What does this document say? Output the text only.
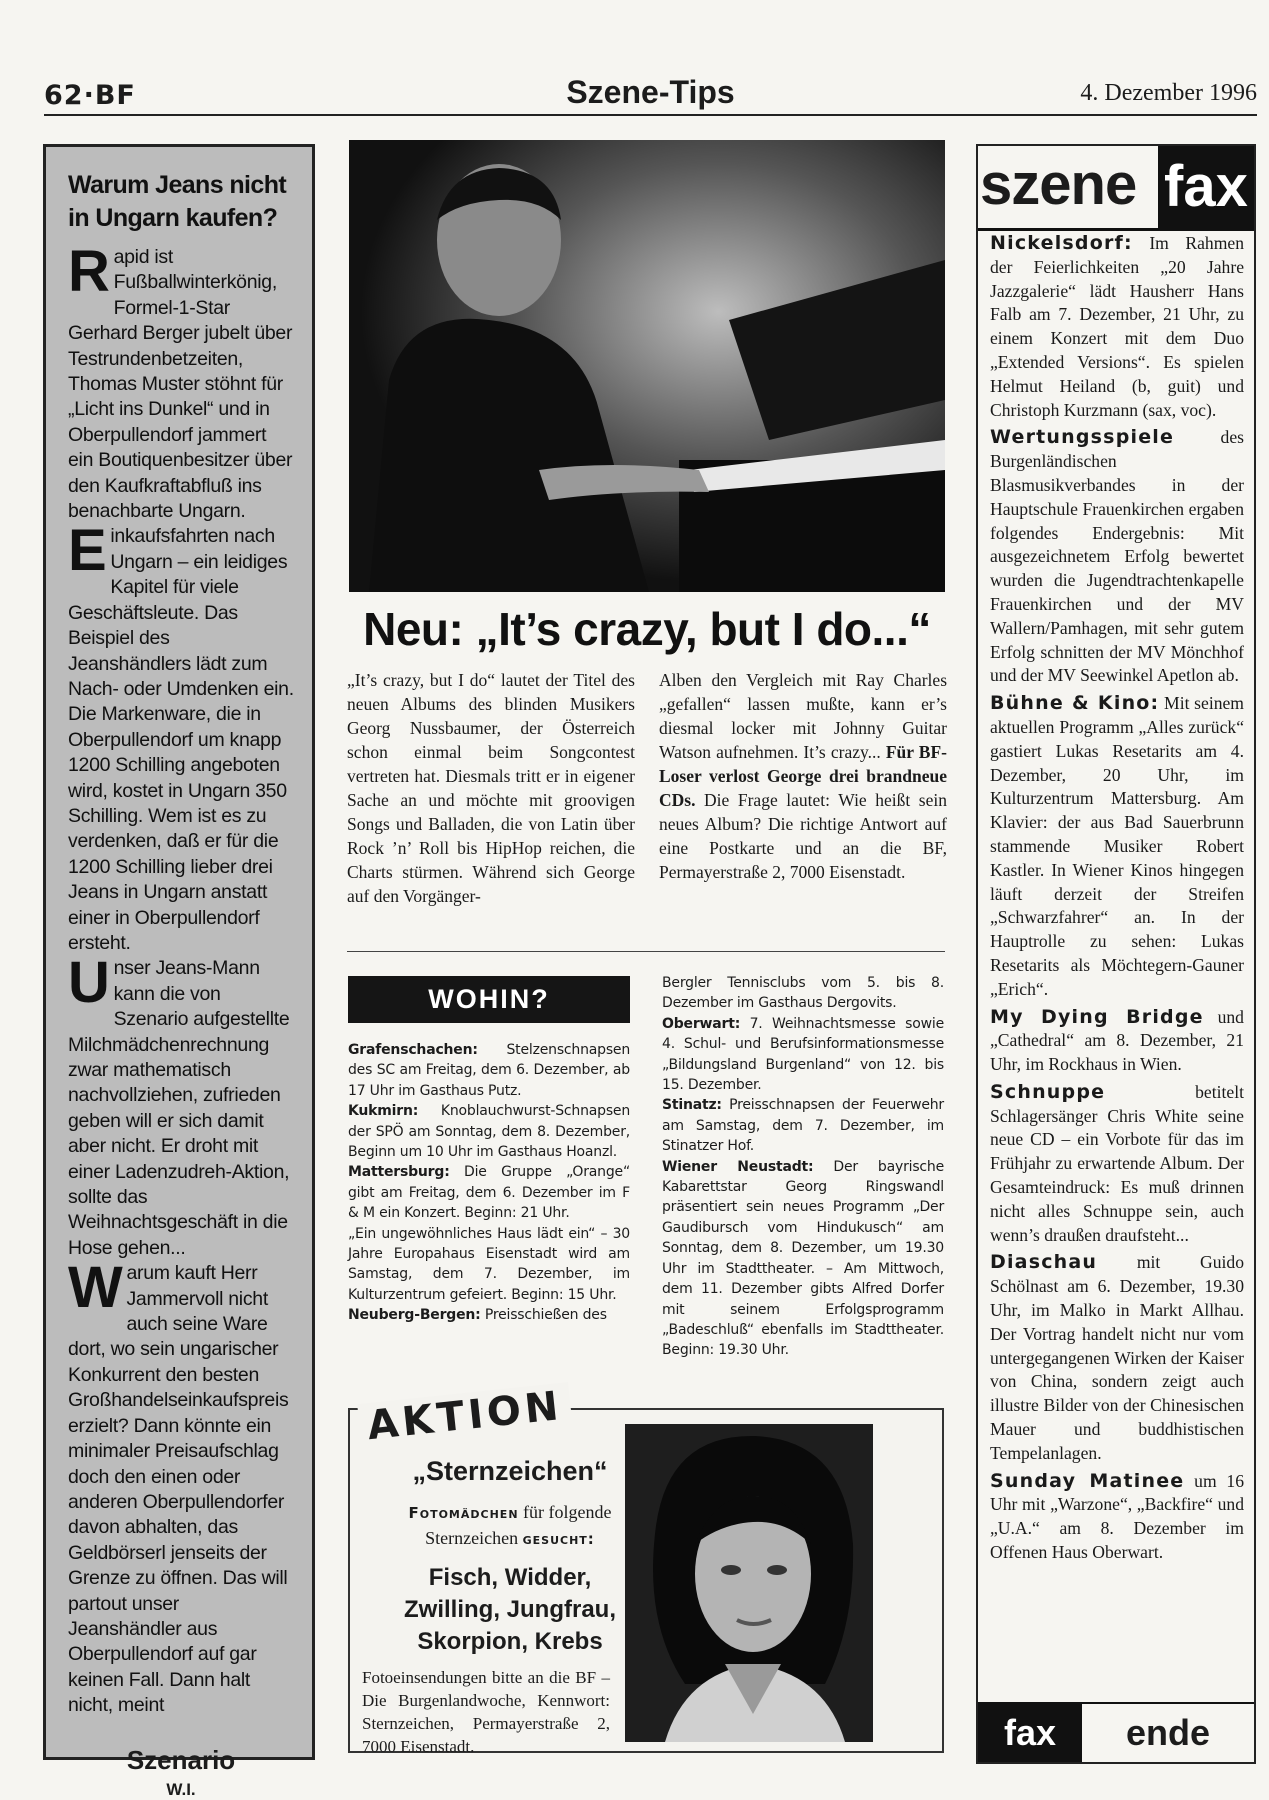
62·BF	Szene-Tips	4. Dezember 1996
Warum Jeans nicht in Ungarn kaufen?

Rapid ist Fußballwinterkönig, Formel-1-Star Gerhard Berger jubelt über Testrundenbetzeiten, Thomas Muster stöhnt für „Licht ins Dunkel“ und in Oberpullendorf jammert ein Boutiquenbesitzer über den Kaufkraftabfluß ins benachbarte Ungarn.

Einkaufsfahrten nach Ungarn – ein leidiges Kapitel für viele Geschäftsleute. Das Beispiel des Jeanshändlers lädt zum Nach- oder Umdenken ein. Die Markenware, die in Oberpullendorf um knapp 1200 Schilling angeboten wird, kostet in Ungarn 350 Schilling. Wem ist es zu verdenken, daß er für die 1200 Schilling lieber drei Jeans in Ungarn anstatt einer in Oberpullendorf ersteht.

Unser Jeans-Mann kann die von Szenario aufgestellte Milchmädchenrechnung zwar mathematisch nachvollziehen, zufrieden geben will er sich damit aber nicht. Er droht mit einer Ladenzudreh-Aktion, sollte das Weihnachtsgeschäft in die Hose gehen...

Warum kauft Herr Jammervoll nicht auch seine Ware dort, wo sein ungarischer Konkurrent den besten Großhandelseinkaufspreis erzielt? Dann könnte ein minimaler Preisaufschlag doch den einen oder anderen Oberpullendorfer davon abhalten, das Geldbörserl jenseits der Grenze zu öffnen. Das will partout unser Jeanshändler aus Oberpullendorf auf gar keinen Fall. Dann halt nicht, meint

Szenario
W.I.
Neu: „It’s crazy, but I do...“

„It’s crazy, but I do“ lautet der Titel des neuen Albums des blinden Musikers Georg Nussbaumer, der Österreich schon einmal beim Songcontest vertreten hat. Diesmals tritt er in eigener Sache an und möchte mit groovigen Songs und Balladen, die von Latin über Rock ’n’ Roll bis HipHop reichen, die Charts stürmen. Während sich George auf den Vorgänger-

Alben den Vergleich mit Ray Charles „gefallen“ lassen mußte, kann er’s diesmal locker mit Johnny Guitar Watson aufnehmen. It’s crazy... Für BF-Loser verlost George drei brandneue CDs. Die Frage lautet: Wie heißt sein neues Album? Die richtige Antwort auf eine Postkarte und an die BF, Permayerstraße 2, 7000 Eisenstadt.

WOHIN?

Grafenschachen: Stelzenschnapsen des SC am Freitag, dem 6. Dezember, ab 17 Uhr im Gasthaus Putz.

Kukmirn: Knoblauchwurst-Schnapsen der SPÖ am Sonntag, dem 8. Dezember, Beginn um 10 Uhr im Gasthaus Hoanzl.

Mattersburg: Die Gruppe „Orange“ gibt am Freitag, dem 6. Dezember im F & M ein Konzert. Beginn: 21 Uhr.

„Ein ungewöhnliches Haus lädt ein“ – 30 Jahre Europahaus Eisenstadt wird am Samstag, dem 7. Dezember, im Kulturzentrum gefeiert. Beginn: 15 Uhr.

Neuberg-Bergen: Preisschießen des

Bergler Tennisclubs vom 5. bis 8. Dezember im Gasthaus Dergovits.

Oberwart: 7. Weihnachtsmesse sowie 4. Schul- und Berufsinformationsmesse „Bildungsland Burgenland“ von 12. bis 15. Dezember.

Stinatz: Preisschnapsen der Feuerwehr am Samstag, dem 7. Dezember, im Stinatzer Hof.

Wiener Neustadt: Der bayrische Kabarettstar Georg Ringswandl präsentiert sein neues Programm „Der Gaudibursch vom Hindukusch“ am Sonntag, dem 8. Dezember, um 19.30 Uhr im Stadttheater. – Am Mittwoch, dem 11. Dezember gibts Alfred Dorfer mit seinem Erfolgsprogramm „Badeschluß“ ebenfalls im Stadttheater. Beginn: 19.30 Uhr.

AKTION
„Sternzeichen“
Fotomädchen für folgende
Sternzeichen gesucht:
Fisch, Widder,
Zwilling, Jungfrau,
Skorpion, Krebs
Fotoeinsendungen bitte an die BF – Die Burgenlandwoche, Kennwort: Sternzeichen, Permayerstraße 2, 7000 Eisenstadt.
szene fax

Nickelsdorf: Im Rahmen der Feierlichkeiten „20 Jahre Jazzgalerie“ lädt Hausherr Hans Falb am 7. Dezember, 21 Uhr, zu einem Konzert mit dem Duo „Extended Versions“. Es spielen Helmut Heiland (b, guit) und Christoph Kurzmann (sax, voc).

Wertungsspiele des Burgenländischen Blasmusikverbandes in der Hauptschule Frauenkirchen ergaben folgendes Endergebnis: Mit ausgezeichnetem Erfolg bewertet wurden die Jugendtrachtenkapelle Frauenkirchen und der MV Wallern/Pamhagen, mit sehr gutem Erfolg schnitten der MV Mönchhof und der MV Seewinkel Apetlon ab.

Bühne & Kino: Mit seinem aktuellen Programm „Alles zurück“ gastiert Lukas Resetarits am 4. Dezember, 20 Uhr, im Kulturzentrum Mattersburg. Am Klavier: der aus Bad Sauerbrunn stammende Musiker Robert Kastler. In Wiener Kinos hingegen läuft derzeit der Streifen „Schwarzfahrer“ an. In der Hauptrolle zu sehen: Lukas Resetarits als Möchtegern-Gauner „Erich“.

My Dying Bridge und „Cathedral“ am 8. Dezember, 21 Uhr, im Rockhaus in Wien.

Schnuppe betitelt Schlagersänger Chris White seine neue CD – ein Vorbote für das im Frühjahr zu erwartende Album. Der Gesamteindruck: Es muß drinnen nicht alles Schnuppe sein, auch wenn’s draußen draufsteht...

Diaschau mit Guido Schölnast am 6. Dezember, 19.30 Uhr, im Malko in Markt Allhau. Der Vortrag handelt nicht nur vom untergegangenen Wirken der Kaiser von China, sondern zeigt auch illustre Bilder von der Chinesischen Mauer und buddhistischen Tempelanlagen.

Sunday Matinee um 16 Uhr mit „Warzone“, „Backfire“ und „U.A.“ am 8. Dezember im Offenen Haus Oberwart.

fax	ende
